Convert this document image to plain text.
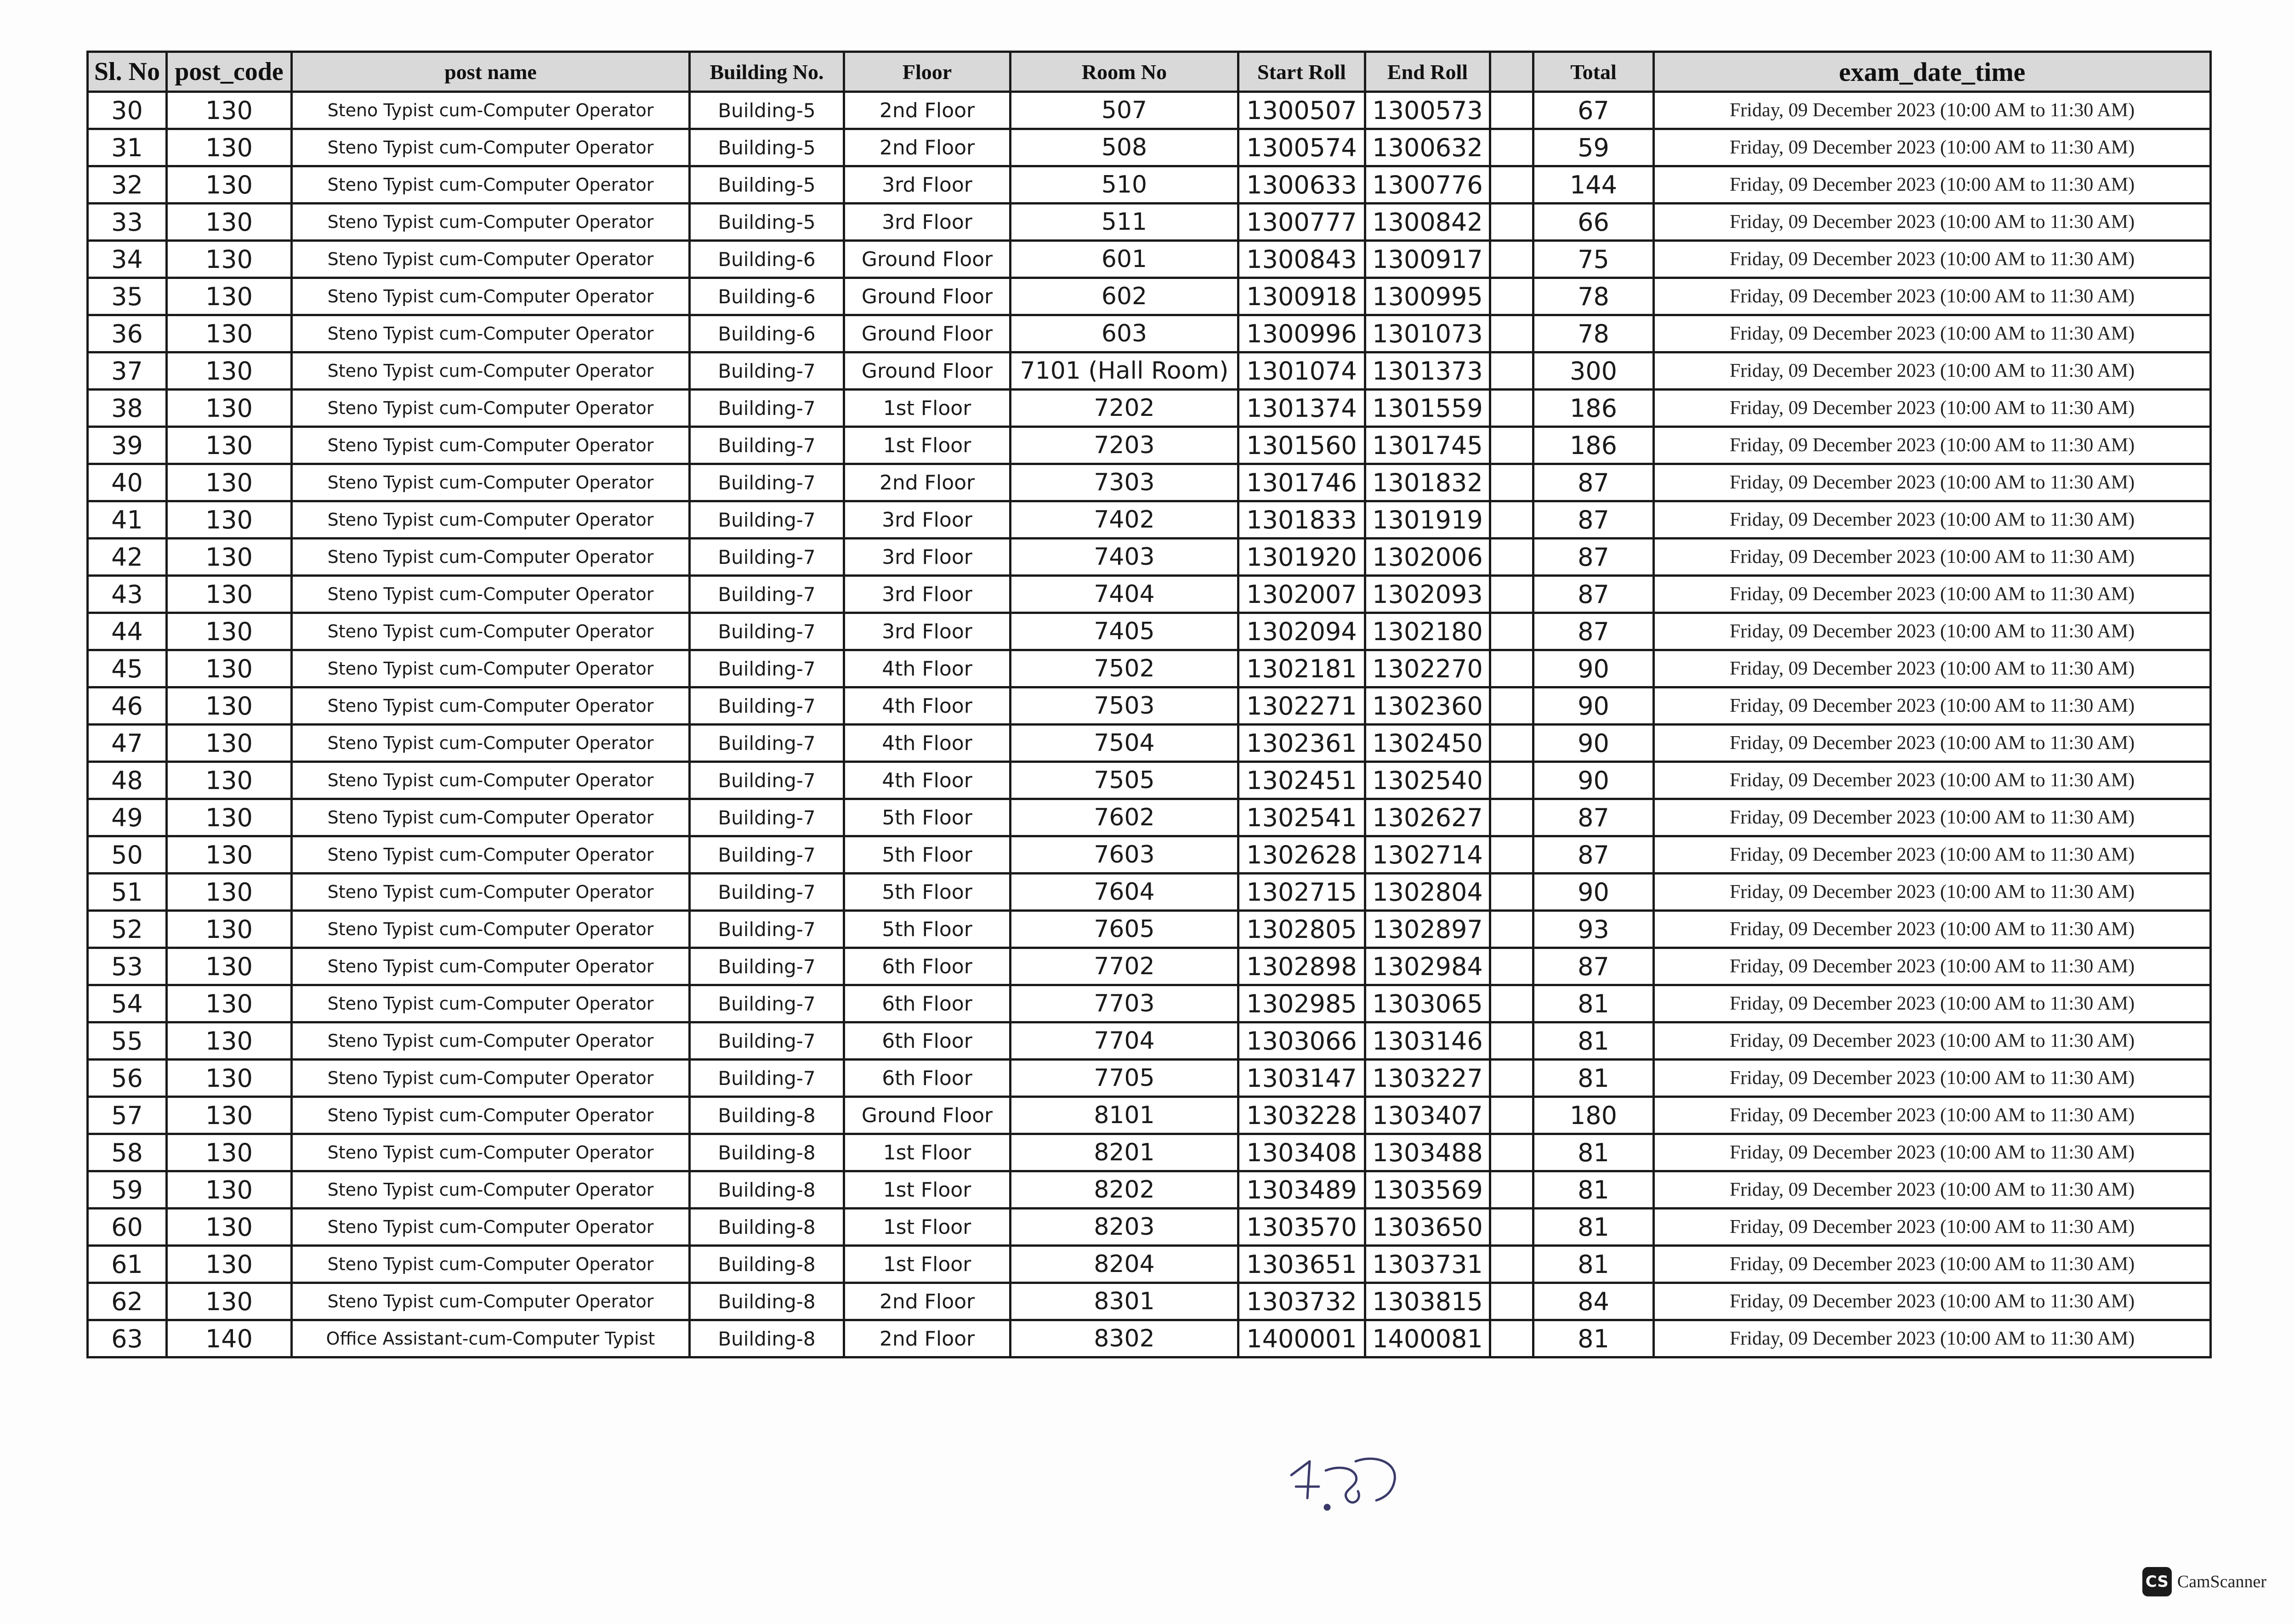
Sl. No	post_code	post name	Building No.	Floor	Room No	Start Roll	End Roll		Total	exam_date_time
30	130	Steno Typist cum-Computer Operator	Building-5	2nd Floor	507	1300507	1300573		67	Friday, 09 December 2023 (10:00 AM to 11:30 AM)
31	130	Steno Typist cum-Computer Operator	Building-5	2nd Floor	508	1300574	1300632		59	Friday, 09 December 2023 (10:00 AM to 11:30 AM)
32	130	Steno Typist cum-Computer Operator	Building-5	3rd Floor	510	1300633	1300776		144	Friday, 09 December 2023 (10:00 AM to 11:30 AM)
33	130	Steno Typist cum-Computer Operator	Building-5	3rd Floor	511	1300777	1300842		66	Friday, 09 December 2023 (10:00 AM to 11:30 AM)
34	130	Steno Typist cum-Computer Operator	Building-6	Ground Floor	601	1300843	1300917		75	Friday, 09 December 2023 (10:00 AM to 11:30 AM)
35	130	Steno Typist cum-Computer Operator	Building-6	Ground Floor	602	1300918	1300995		78	Friday, 09 December 2023 (10:00 AM to 11:30 AM)
36	130	Steno Typist cum-Computer Operator	Building-6	Ground Floor	603	1300996	1301073		78	Friday, 09 December 2023 (10:00 AM to 11:30 AM)
37	130	Steno Typist cum-Computer Operator	Building-7	Ground Floor	7101 (Hall Room)	1301074	1301373		300	Friday, 09 December 2023 (10:00 AM to 11:30 AM)
38	130	Steno Typist cum-Computer Operator	Building-7	1st Floor	7202	1301374	1301559		186	Friday, 09 December 2023 (10:00 AM to 11:30 AM)
39	130	Steno Typist cum-Computer Operator	Building-7	1st Floor	7203	1301560	1301745		186	Friday, 09 December 2023 (10:00 AM to 11:30 AM)
40	130	Steno Typist cum-Computer Operator	Building-7	2nd Floor	7303	1301746	1301832		87	Friday, 09 December 2023 (10:00 AM to 11:30 AM)
41	130	Steno Typist cum-Computer Operator	Building-7	3rd Floor	7402	1301833	1301919		87	Friday, 09 December 2023 (10:00 AM to 11:30 AM)
42	130	Steno Typist cum-Computer Operator	Building-7	3rd Floor	7403	1301920	1302006		87	Friday, 09 December 2023 (10:00 AM to 11:30 AM)
43	130	Steno Typist cum-Computer Operator	Building-7	3rd Floor	7404	1302007	1302093		87	Friday, 09 December 2023 (10:00 AM to 11:30 AM)
44	130	Steno Typist cum-Computer Operator	Building-7	3rd Floor	7405	1302094	1302180		87	Friday, 09 December 2023 (10:00 AM to 11:30 AM)
45	130	Steno Typist cum-Computer Operator	Building-7	4th Floor	7502	1302181	1302270		90	Friday, 09 December 2023 (10:00 AM to 11:30 AM)
46	130	Steno Typist cum-Computer Operator	Building-7	4th Floor	7503	1302271	1302360		90	Friday, 09 December 2023 (10:00 AM to 11:30 AM)
47	130	Steno Typist cum-Computer Operator	Building-7	4th Floor	7504	1302361	1302450		90	Friday, 09 December 2023 (10:00 AM to 11:30 AM)
48	130	Steno Typist cum-Computer Operator	Building-7	4th Floor	7505	1302451	1302540		90	Friday, 09 December 2023 (10:00 AM to 11:30 AM)
49	130	Steno Typist cum-Computer Operator	Building-7	5th Floor	7602	1302541	1302627		87	Friday, 09 December 2023 (10:00 AM to 11:30 AM)
50	130	Steno Typist cum-Computer Operator	Building-7	5th Floor	7603	1302628	1302714		87	Friday, 09 December 2023 (10:00 AM to 11:30 AM)
51	130	Steno Typist cum-Computer Operator	Building-7	5th Floor	7604	1302715	1302804		90	Friday, 09 December 2023 (10:00 AM to 11:30 AM)
52	130	Steno Typist cum-Computer Operator	Building-7	5th Floor	7605	1302805	1302897		93	Friday, 09 December 2023 (10:00 AM to 11:30 AM)
53	130	Steno Typist cum-Computer Operator	Building-7	6th Floor	7702	1302898	1302984		87	Friday, 09 December 2023 (10:00 AM to 11:30 AM)
54	130	Steno Typist cum-Computer Operator	Building-7	6th Floor	7703	1302985	1303065		81	Friday, 09 December 2023 (10:00 AM to 11:30 AM)
55	130	Steno Typist cum-Computer Operator	Building-7	6th Floor	7704	1303066	1303146		81	Friday, 09 December 2023 (10:00 AM to 11:30 AM)
56	130	Steno Typist cum-Computer Operator	Building-7	6th Floor	7705	1303147	1303227		81	Friday, 09 December 2023 (10:00 AM to 11:30 AM)
57	130	Steno Typist cum-Computer Operator	Building-8	Ground Floor	8101	1303228	1303407		180	Friday, 09 December 2023 (10:00 AM to 11:30 AM)
58	130	Steno Typist cum-Computer Operator	Building-8	1st Floor	8201	1303408	1303488		81	Friday, 09 December 2023 (10:00 AM to 11:30 AM)
59	130	Steno Typist cum-Computer Operator	Building-8	1st Floor	8202	1303489	1303569		81	Friday, 09 December 2023 (10:00 AM to 11:30 AM)
60	130	Steno Typist cum-Computer Operator	Building-8	1st Floor	8203	1303570	1303650		81	Friday, 09 December 2023 (10:00 AM to 11:30 AM)
61	130	Steno Typist cum-Computer Operator	Building-8	1st Floor	8204	1303651	1303731		81	Friday, 09 December 2023 (10:00 AM to 11:30 AM)
62	130	Steno Typist cum-Computer Operator	Building-8	2nd Floor	8301	1303732	1303815		84	Friday, 09 December 2023 (10:00 AM to 11:30 AM)
63	140	Office Assistant-cum-Computer Typist	Building-8	2nd Floor	8302	1400001	1400081		81	Friday, 09 December 2023 (10:00 AM to 11:30 AM)
CS CamScanner
